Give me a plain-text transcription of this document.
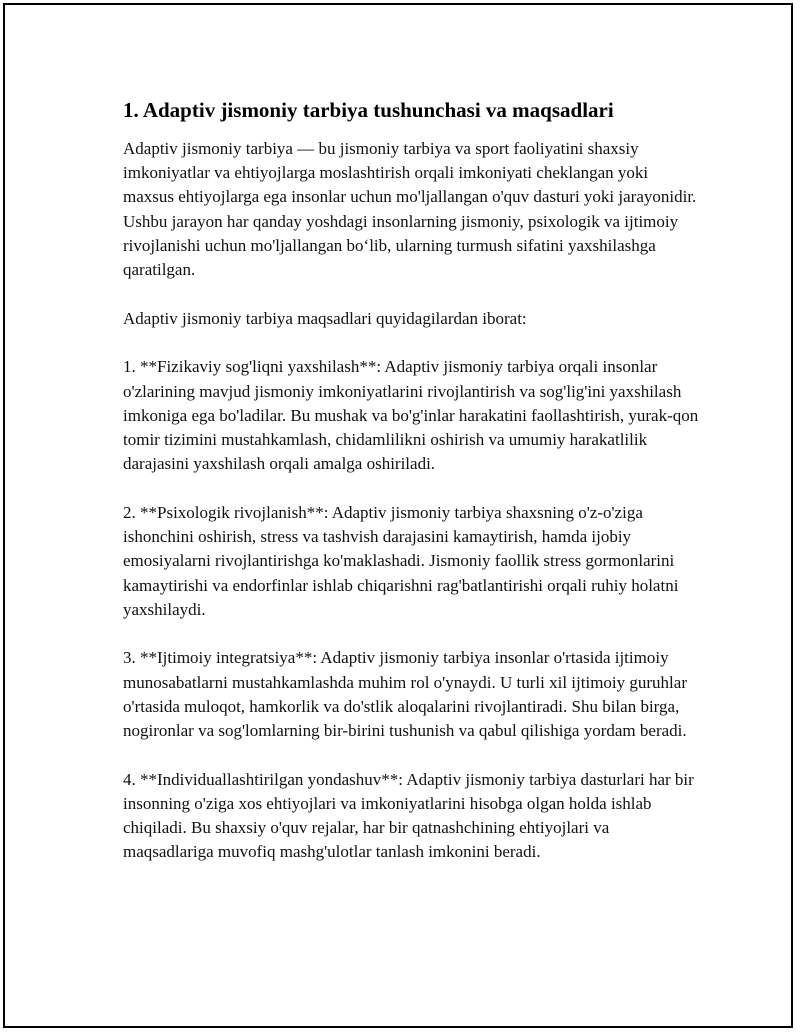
1. Adaptiv jismoniy tarbiya tushunchasi va maqsadlari

Adaptiv jismoniy tarbiya — bu jismoniy tarbiya va sport faoliyatini shaxsiy imkoniyatlar va ehtiyojlarga moslashtirish orqali imkoniyati cheklangan yoki maxsus ehtiyojlarga ega insonlar uchun mo'ljallangan o'quv dasturi yoki jarayonidir. Ushbu jarayon har qanday yoshdagi insonlarning jismoniy, psixologik va ijtimoiy rivojlanishi uchun mo'ljallangan bo‘lib, ularning turmush sifatini yaxshilashga qaratilgan.

Adaptiv jismoniy tarbiya maqsadlari quyidagilardan iborat:

1. **Fizikaviy sog'liqni yaxshilash**: Adaptiv jismoniy tarbiya orqali insonlar o'zlarining mavjud jismoniy imkoniyatlarini rivojlantirish va sog'lig'ini yaxshilash imkoniga ega bo'ladilar. Bu mushak va bo'g'inlar harakatini faollashtirish, yurak-qon tomir tizimini mustahkamlash, chidamlilikni oshirish va umumiy harakatlilik darajasini yaxshilash orqali amalga oshiriladi.

2. **Psixologik rivojlanish**: Adaptiv jismoniy tarbiya shaxsning o'z-o'ziga ishonchini oshirish, stress va tashvish darajasini kamaytirish, hamda ijobiy emosiyalarni rivojlantirishga ko'maklashadi. Jismoniy faollik stress gormonlarini kamaytirishi va endorfinlar ishlab chiqarishni rag'batlantirishi orqali ruhiy holatni yaxshilaydi.

3. **Ijtimoiy integratsiya**: Adaptiv jismoniy tarbiya insonlar o'rtasida ijtimoiy munosabatlarni mustahkamlashda muhim rol o'ynaydi. U turli xil ijtimoiy guruhlar o'rtasida muloqot, hamkorlik va do'stlik aloqalarini rivojlantiradi. Shu bilan birga, nogironlar va sog'lomlarning bir-birini tushunish va qabul qilishiga yordam beradi.

4. **Individuallashtirilgan yondashuv**: Adaptiv jismoniy tarbiya dasturlari har bir insonning o'ziga xos ehtiyojlari va imkoniyatlarini hisobga olgan holda ishlab chiqiladi. Bu shaxsiy o'quv rejalar, har bir qatnashchining ehtiyojlari va maqsadlariga muvofiq mashg'ulotlar tanlash imkonini beradi.
